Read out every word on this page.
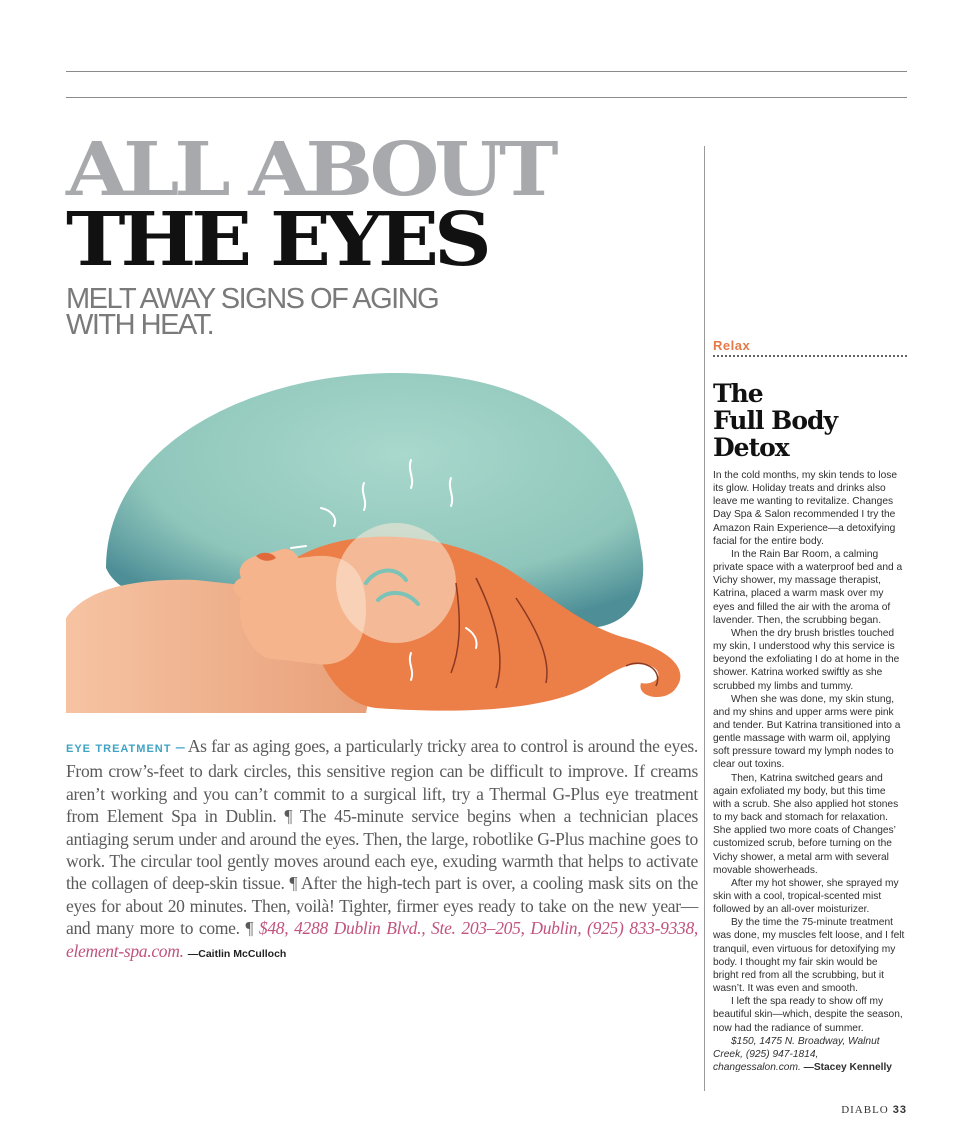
ALL ABOUT
THE EYES
MELT AWAY SIGNS OF AGING
WITH HEAT.

EYE TREATMENT – As far as aging goes, a particularly tricky area to control is around the eyes. From crow’s-feet to dark circles, this sensitive region can be difficult to improve. If creams aren’t working and you can’t commit to a surgical lift, try a Thermal G-Plus eye treatment from Element Spa in Dublin. ¶ The 45-minute service begins when a technician places antiaging serum under and around the eyes. Then, the large, robotlike G-Plus machine goes to work. The circular tool gently moves around each eye, exuding warmth that helps to activate the collagen of deep-skin tissue. ¶ After the high-tech part is over, a cooling mask sits on the eyes for about 20 minutes. Then, voilà! Tighter, firmer eyes ready to take on the new year—and many more to come. ¶ $48, 4288 Dublin Blvd., Ste. 203–205, Dublin, (925) 833-9338, element-spa.com. —Caitlin McCulloch

Relax
The
Full Body
Detox

In the cold months, my skin tends to lose its glow. Holiday treats and drinks also leave me wanting to revitalize. Changes Day Spa & Salon recommended I try the Amazon Rain Experience—a detoxifying facial for the entire body.

In the Rain Bar Room, a calming private space with a waterproof bed and a Vichy shower, my massage therapist, Katrina, placed a warm mask over my eyes and filled the air with the aroma of lavender. Then, the scrubbing began.

When the dry brush bristles touched my skin, I understood why this service is beyond the exfoliating I do at home in the shower. Katrina worked swiftly as she scrubbed my limbs and tummy.

When she was done, my skin stung, and my shins and upper arms were pink and tender. But Katrina transitioned into a gentle massage with warm oil, applying soft pressure toward my lymph nodes to clear out toxins.

Then, Katrina switched gears and again exfoliated my body, but this time with a scrub. She also applied hot stones to my back and stomach for relaxation. She applied two more coats of Changes’ customized scrub, before turning on the Vichy shower, a metal arm with several movable showerheads.

After my hot shower, she sprayed my skin with a cool, tropical-scented mist followed by an all-over moisturizer.

By the time the 75-minute treatment was done, my muscles felt loose, and I felt tranquil, even virtuous for detoxifying my body. I thought my fair skin would be bright red from all the scrubbing, but it wasn’t. It was even and smooth.

I left the spa ready to show off my beautiful skin—which, despite the season, now had the radiance of summer.

$150, 1475 N. Broadway, Walnut Creek, (925) 947-1814, changessalon.com. —Stacey Kennelly

DIABLO 33
